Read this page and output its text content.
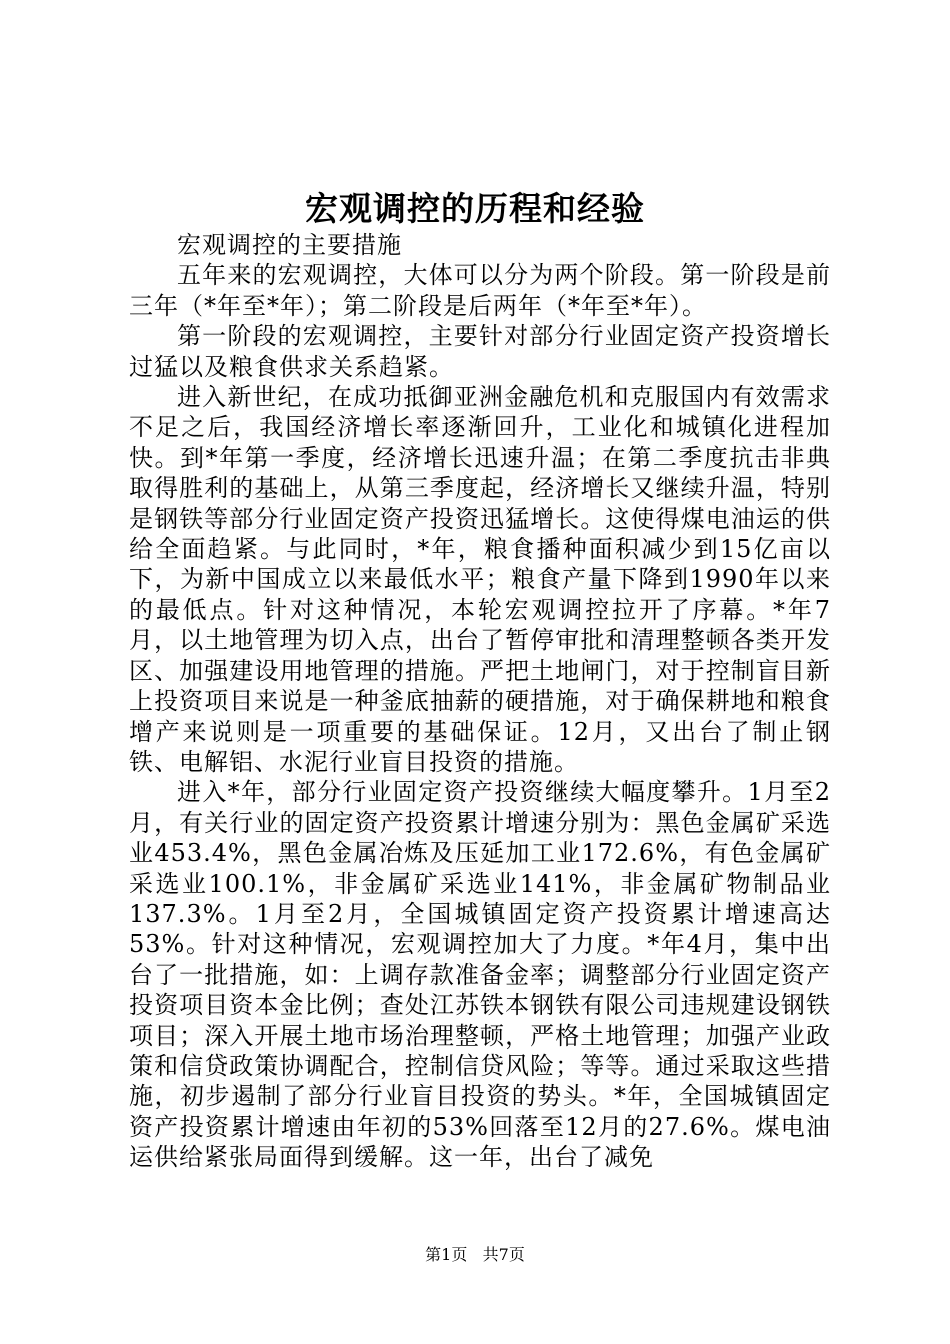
宏观调控的历程和经验

宏观调控的主要措施

五年来的宏观调控，大体可以分为两个阶段。第一阶段是前三年（*年至*年）；第二阶段是后两年（*年至*年）。

第一阶段的宏观调控，主要针对部分行业固定资产投资增长过猛以及粮食供求关系趋紧。

进入新世纪，在成功抵御亚洲金融危机和克服国内有效需求不足之后，我国经济增长率逐渐回升，工业化和城镇化进程加快。到*年第一季度，经济增长迅速升温；在第二季度抗击非典取得胜利的基础上，从第三季度起，经济增长又继续升温，特别是钢铁等部分行业固定资产投资迅猛增长。这使得煤电油运的供给全面趋紧。与此同时，*年，粮食播种面积减少到15亿亩以下，为新中国成立以来最低水平；粮食产量下降到1990年以来的最低点。针对这种情况，本轮宏观调控拉开了序幕。*年7月，以土地管理为切入点，出台了暂停审批和清理整顿各类开发区、加强建设用地管理的措施。严把土地闸门，对于控制盲目新上投资项目来说是一种釜底抽薪的硬措施，对于确保耕地和粮食增产来说则是一项重要的基础保证。12月，又出台了制止钢铁、电解铝、水泥行业盲目投资的措施。

进入*年，部分行业固定资产投资继续大幅度攀升。1月至2月，有关行业的固定资产投资累计增速分别为：黑色金属矿采选业453.4%，黑色金属冶炼及压延加工业172.6%，有色金属矿采选业100.1%，非金属矿采选业141%，非金属矿物制品业137.3%。1月至2月，全国城镇固定资产投资累计增速高达53%。针对这种情况，宏观调控加大了力度。*年4月，集中出台了一批措施，如：上调存款准备金率；调整部分行业固定资产投资项目资本金比例；查处江苏铁本钢铁有限公司违规建设钢铁项目；深入开展土地市场治理整顿，严格土地管理；加强产业政策和信贷政策协调配合，控制信贷风险；等等。通过采取这些措施，初步遏制了部分行业盲目投资的势头。*年，全国城镇固定资产投资累计增速由年初的53%回落至12月的27.6%。煤电油运供给紧张局面得到缓解。这一年，出台了减免

第1页 共7页
